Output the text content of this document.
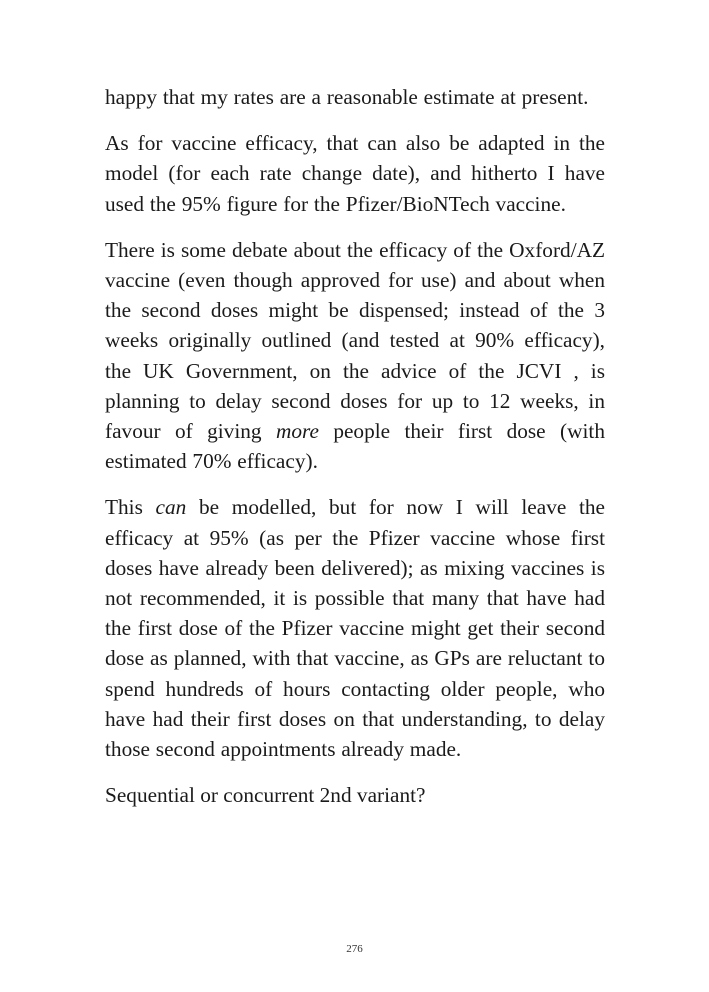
happy that my rates are a reasonable estimate at present.

As for vaccine efficacy, that can also be adapted in the model (for each rate change date), and hitherto I have used the 95% figure for the Pfizer/BioNTech vaccine.

There is some debate about the efficacy of the Oxford/AZ vaccine (even though approved for use) and about when the second doses might be dispensed; instead of the 3 weeks originally outlined (and tested at 90% efficacy), the UK Government, on the advice of the JCVI , is planning to delay second doses for up to 12 weeks, in favour of giving more people their first dose (with estimated 70% efficacy).

This can be modelled, but for now I will leave the efficacy at 95% (as per the Pfizer vaccine whose first doses have already been delivered); as mixing vaccines is not recommended, it is possible that many that have had the first dose of the Pfizer vaccine might get their second dose as planned, with that vaccine, as GPs are reluctant to spend hundreds of hours contacting older people, who have had their first doses on that understanding, to delay those second appointments already made.

Sequential or concurrent 2nd variant?

276
